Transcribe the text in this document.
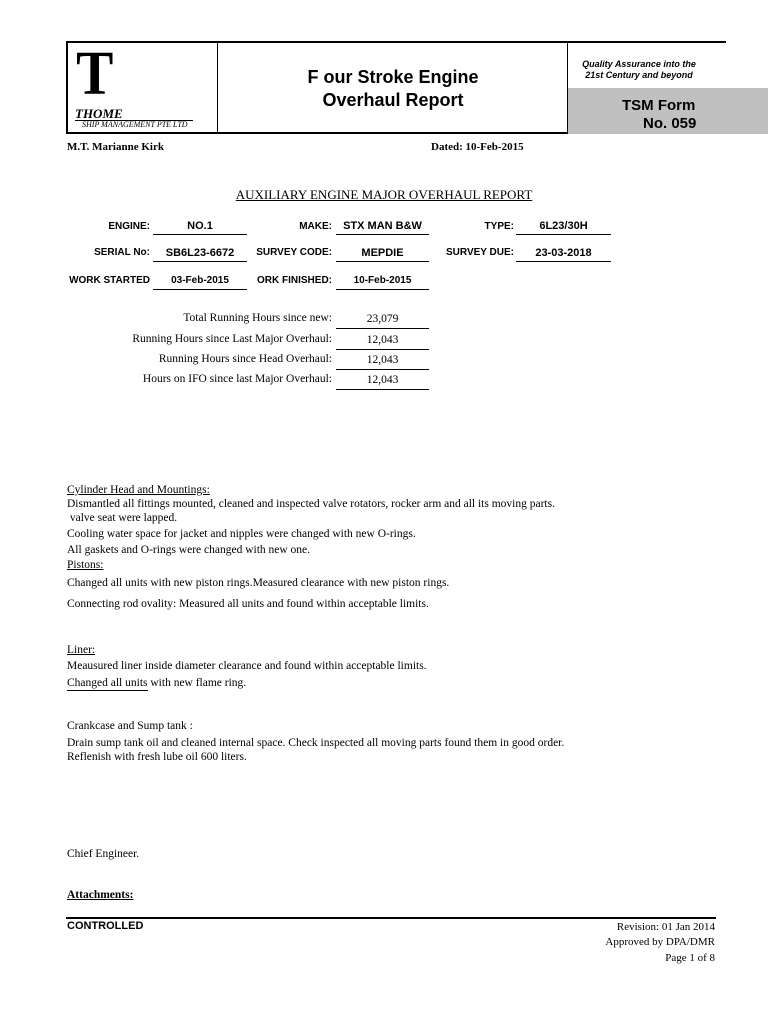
T
THOME
SHIP MANAGEMENT PTE LTD
F our Stroke Engine
Overhaul Report
Quality Assurance into the
21st Century and beyond
TSM Form
No. 059
M.T. Marianne Kirk	Dated: 10-Feb-2015
AUXILIARY ENGINE MAJOR OVERHAUL REPORT
ENGINE:	NO.1	MAKE:	STX MAN B&W	TYPE:	6L23/30H
SERIAL No:	SB6L23-6672	SURVEY CODE:	MEPDIE	SURVEY DUE:	23-03-2018
WORK STARTED	03-Feb-2015	ORK FINISHED:	10-Feb-2015
Total Running Hours since new:	23,079
Running Hours since Last Major Overhaul:	12,043
Running Hours since Head Overhaul:	12,043
Hours on IFO since last Major Overhaul:	12,043
Cylinder Head and Mountings:
Dismantled all fittings mounted, cleaned and inspected valve rotators, rocker arm and all its moving parts.
valve seat were lapped.
Cooling water space for jacket and nipples were changed with new O-rings.
All gaskets and O-rings were changed with new one.
Pistons:
Changed all units with new piston rings.Measured clearance with new piston rings.
Connecting rod ovality: Measured all units and found within acceptable limits.
Liner:
Meausured liner inside diameter clearance and found within acceptable limits.
Changed all units with new flame ring.
Crankcase and Sump tank :
Drain sump tank oil and cleaned internal space. Check inspected all moving parts found them in good order.
Reflenish with fresh lube oil 600 liters.
Chief Engineer.
Attachments:
CONTROLLED	Revision: 01 Jan 2014
Approved by DPA/DMR
Page 1 of 8
